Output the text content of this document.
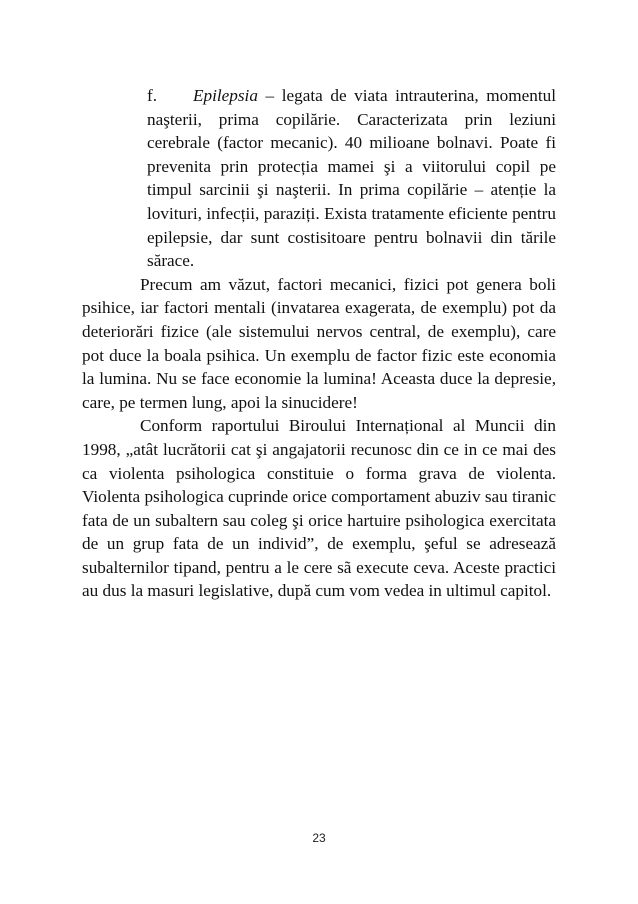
f. Epilepsia – legata de viata intrauterina, momentul naşterii, prima copilărie. Caracterizata prin leziuni cerebrale (factor mecanic). 40 milioane bolnavi. Poate fi prevenita prin protecția mamei şi a viitorului copil pe timpul sarcinii şi naşterii. In prima copilărie – atenție la lovituri, infecții, paraziți. Exista tratamente eficiente pentru epilepsie, dar sunt costisitoare pentru bolnavii din tările sărace.

Precum am văzut, factori mecanici, fizici pot genera boli psihice, iar factori mentali (invatarea exagerata, de exemplu) pot da deteriorări fizice (ale sistemului nervos central, de exemplu), care pot duce la boala psihica. Un exemplu de factor fizic este economia la lumina. Nu se face economie la lumina! Aceasta duce la depresie, care, pe termen lung, apoi la sinucidere!

Conform raportului Biroului Internațional al Muncii din 1998, „atât lucrătorii cat şi angajatorii recunosc din ce in ce mai des ca violenta psihologica constituie o forma grava de violenta. Violenta psihologica cuprinde orice comportament abuziv sau tiranic fata de un subaltern sau coleg şi orice hartuire psihologica exercitata de un grup fata de un individ”, de exemplu, şeful se adresează subalternilor tipand, pentru a le cere sã execute ceva. Aceste practici au dus la masuri legislative, după cum vom vedea in ultimul capitol.

23
